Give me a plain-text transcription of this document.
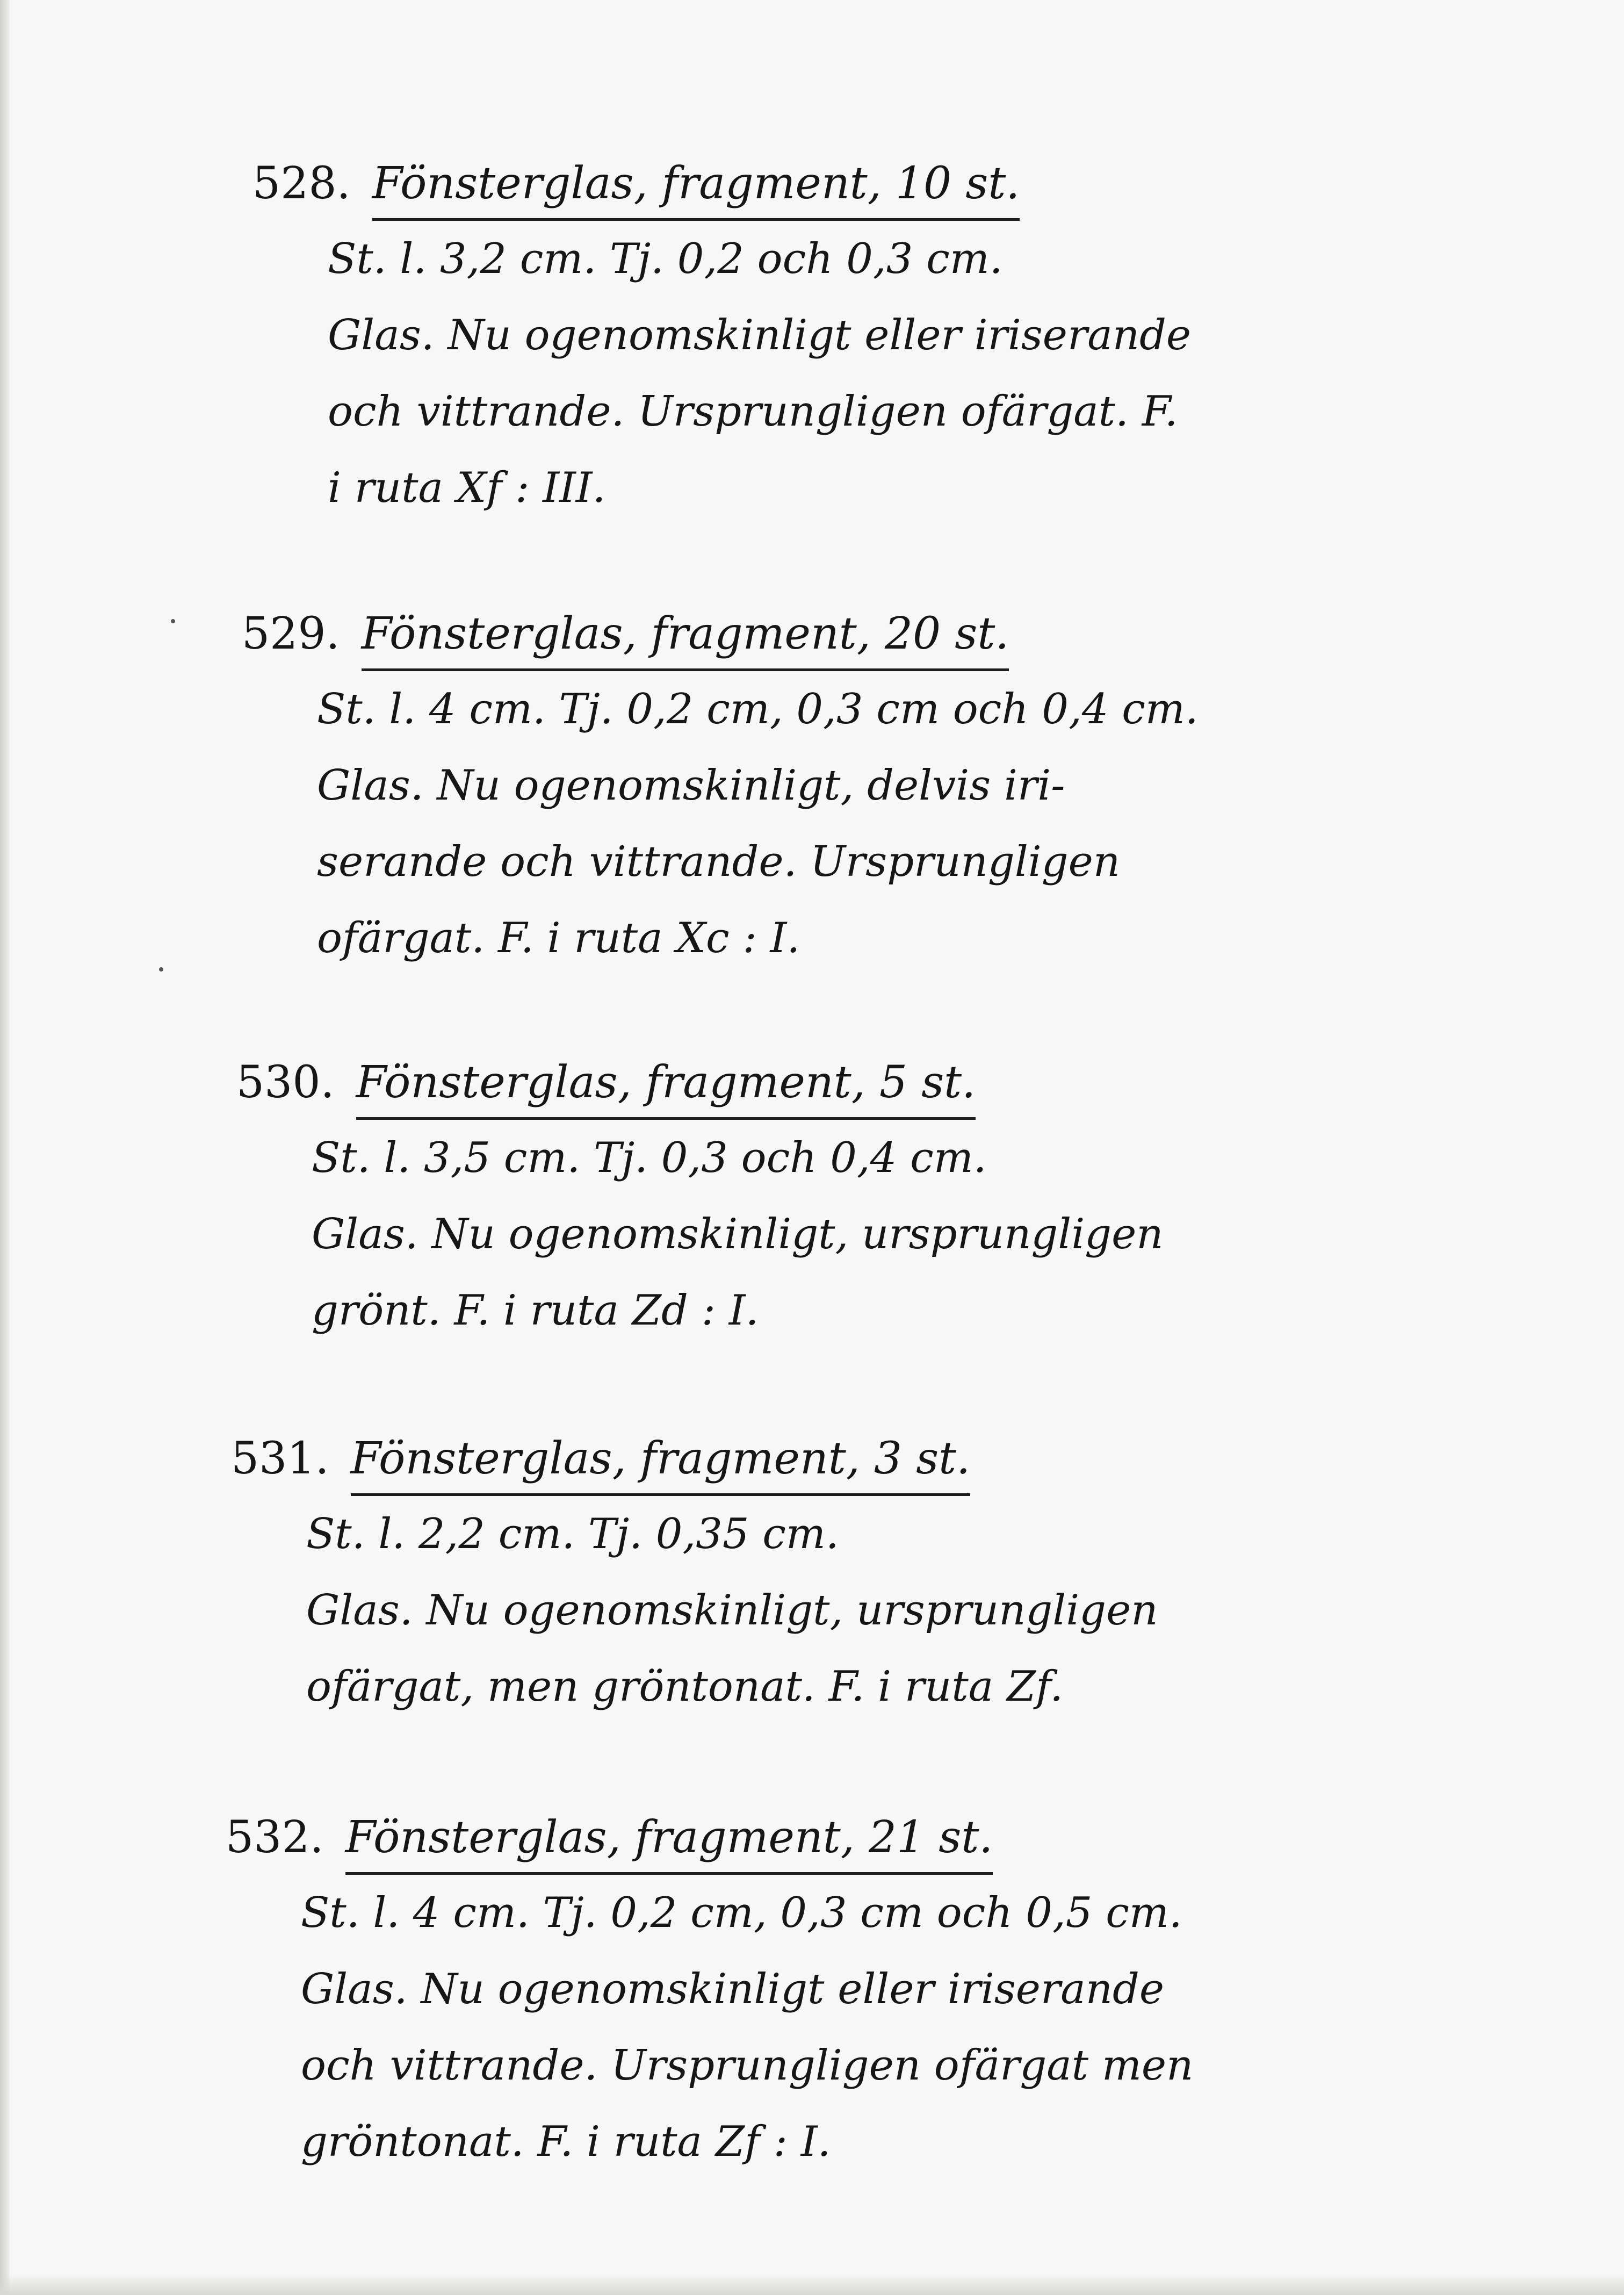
528. Fönsterglas, fragment, 10 st.
St. l. 3,2 cm. Tj. 0,2 och 0,3 cm.
Glas. Nu ogenomskinligt eller iriserande
och vittrande. Ursprungligen ofärgat. F.
i ruta Xf : III.
529. Fönsterglas, fragment, 20 st.
St. l. 4 cm. Tj. 0,2 cm, 0,3 cm och 0,4 cm.
Glas. Nu ogenomskinligt, delvis iri-
serande och vittrande. Ursprungligen
ofärgat. F. i ruta Xc : I.
530. Fönsterglas, fragment, 5 st.
St. l. 3,5 cm. Tj. 0,3 och 0,4 cm.
Glas. Nu ogenomskinligt, ursprungligen
grönt. F. i ruta Zd : I.
531. Fönsterglas, fragment, 3 st.
St. l. 2,2 cm. Tj. 0,35 cm.
Glas. Nu ogenomskinligt, ursprungligen
ofärgat, men gröntonat. F. i ruta Zf.
532. Fönsterglas, fragment, 21 st.
St. l. 4 cm. Tj. 0,2 cm, 0,3 cm och 0,5 cm.
Glas. Nu ogenomskinligt eller iriserande
och vittrande. Ursprungligen ofärgat men
gröntonat. F. i ruta Zf : I.
